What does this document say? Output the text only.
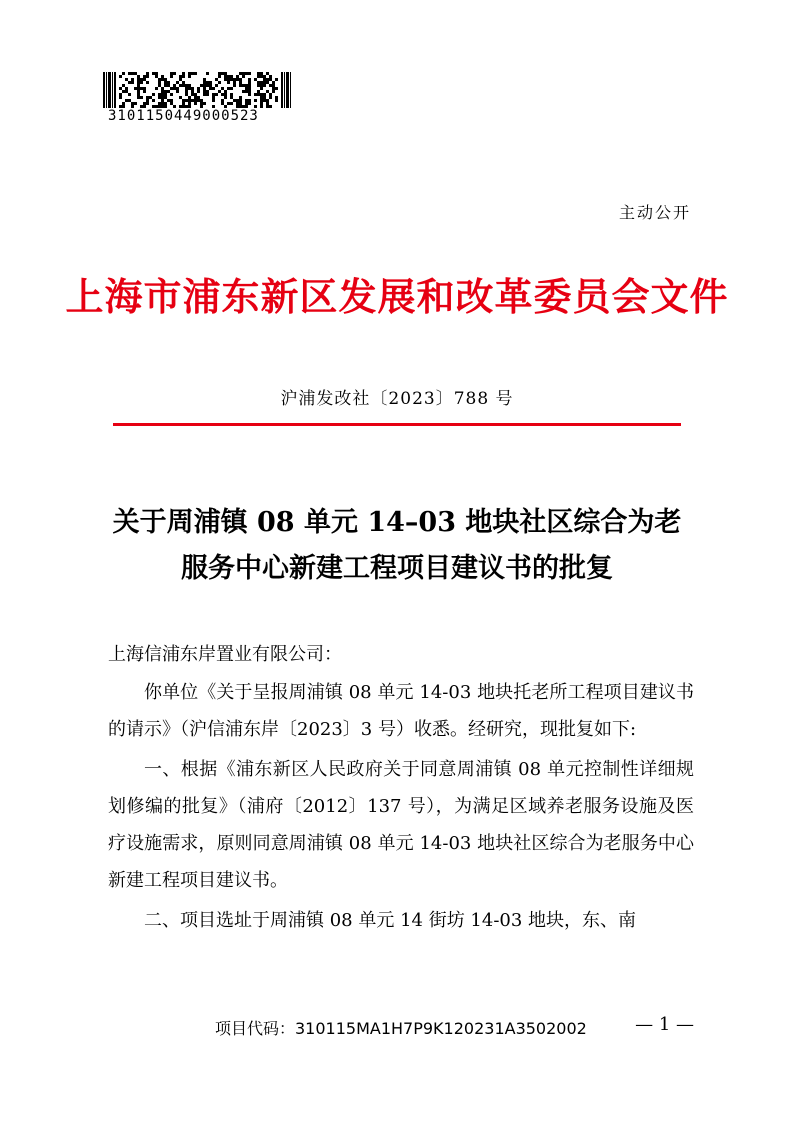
3101150449000523
主动公开
上海市浦东新区发展和改革委员会文件
沪浦发改社〔2023〕788 号
关于周浦镇 08 单元 14–03 地块社区综合为老
服务中心新建工程项目建议书的批复
上海信浦东岸置业有限公司：

你单位《关于呈报周浦镇 08 单元 14-03 地块托老所工程项目建议书的请示》（沪信浦东岸〔2023〕3 号）收悉。经研究，现批复如下:

一、根据《浦东新区人民政府关于同意周浦镇 08 单元控制性详细规划修编的批复》（浦府〔2012〕137 号），为满足区域养老服务设施及医疗设施需求，原则同意周浦镇 08 单元 14-03 地块社区综合为老服务中心新建工程项目建议书。

二、项目选址于周浦镇 08 单元 14 街坊 14-03 地块，东、南

项目代码：310115MA1H7P9K120231A3502002	— 1 —
